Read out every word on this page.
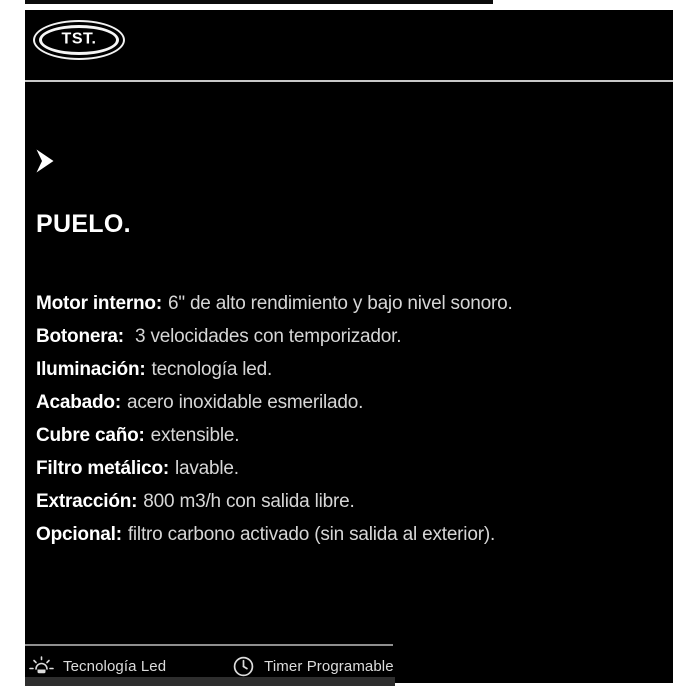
TST.
PUELO.
Motor interno: 6" de alto rendimiento y bajo nivel sonoro.
Botonera: 3 velocidades con temporizador.
Iluminación: tecnología led.
Acabado: acero inoxidable esmerilado.
Cubre caño: extensible.
Filtro metálico: lavable.
Extracción: 800 m3/h con salida libre.
Opcional: filtro carbono activado (sin salida al exterior).
Tecnología Led	Timer Programable
